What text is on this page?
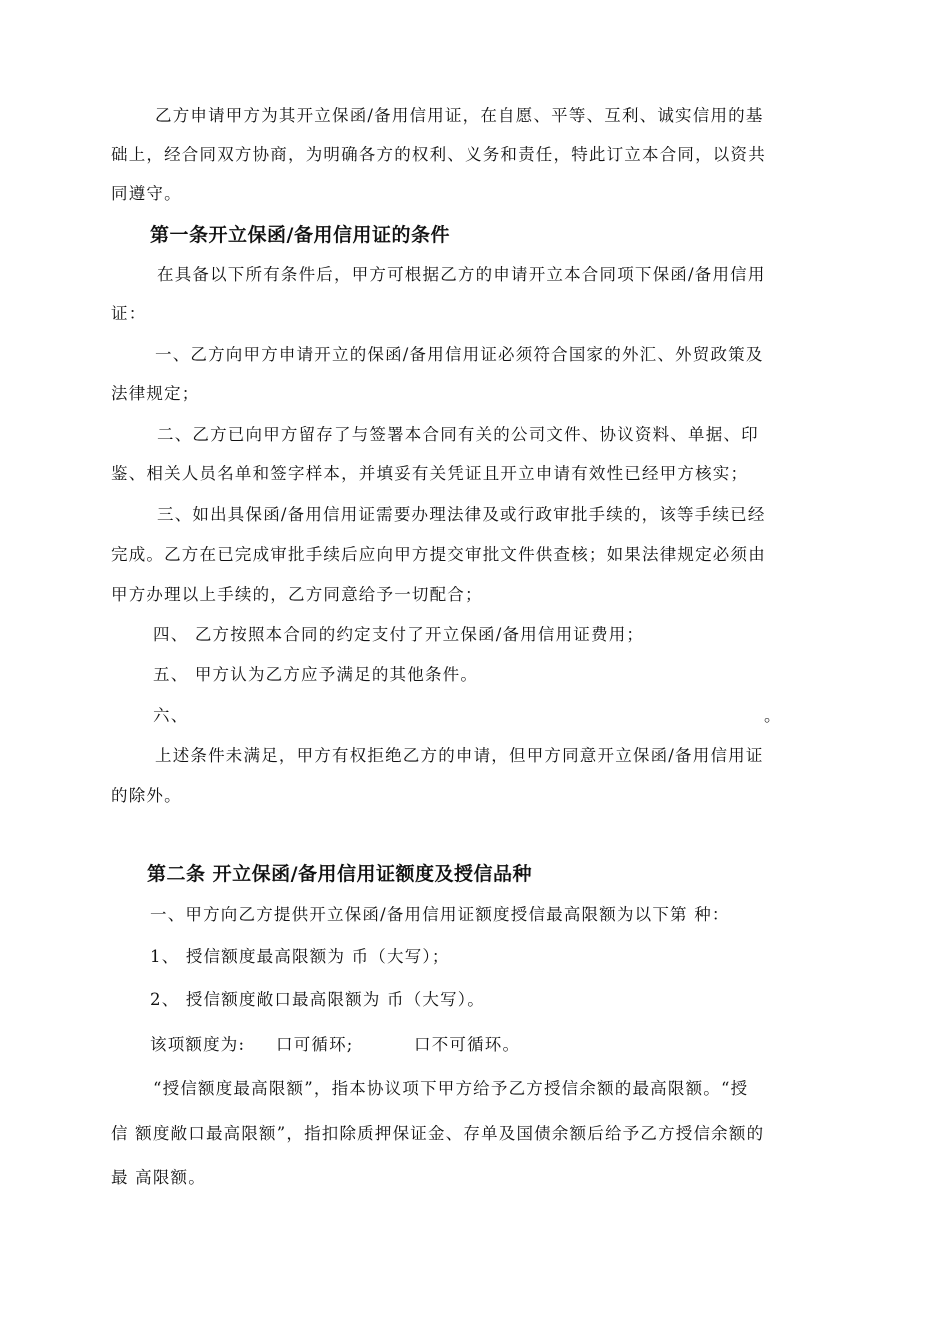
乙方申请甲方为其开立保函/备用信用证，在自愿、平等、互利、诚实信用的基
础上，经合同双方协商，为明确各方的权利、义务和责任，特此订立本合同，以资共
同遵守。
第一条开立保函/备用信用证的条件
在具备以下所有条件后，甲方可根据乙方的申请开立本合同项下保函/备用信用
证：
一、乙方向甲方申请开立的保函/备用信用证必须符合国家的外汇、外贸政策及
法律规定；
二、乙方已向甲方留存了与签署本合同有关的公司文件、协议资料、单据、印
鉴、相关人员名单和签字样本，并填妥有关凭证且开立申请有效性已经甲方核实；
三、如出具保函/备用信用证需要办理法律及或行政审批手续的，该等手续已经
完成。乙方在已完成审批手续后应向甲方提交审批文件供查核；如果法律规定必须由
甲方办理以上手续的，乙方同意给予一切配合；
四、 乙方按照本合同的约定支付了开立保函/备用信用证费用；
五、 甲方认为乙方应予满足的其他条件。
六、	。
上述条件未满足，甲方有权拒绝乙方的申请，但甲方同意开立保函/备用信用证
的除外。
第二条 开立保函/备用信用证额度及授信品种
一、甲方向乙方提供开立保函/备用信用证额度授信最高限额为以下第 种：
1、 授信额度最高限额为 币（大写）；
2、 授信额度敞口最高限额为 币（大写）。
该项额度为: 口可循环;	口不可循环。
“授信额度最高限额”，指本协议项下甲方给予乙方授信余额的最高限额。“授
信 额度敞口最高限额”，指扣除质押保证金、存单及国债余额后给予乙方授信余额的
最 高限额。
